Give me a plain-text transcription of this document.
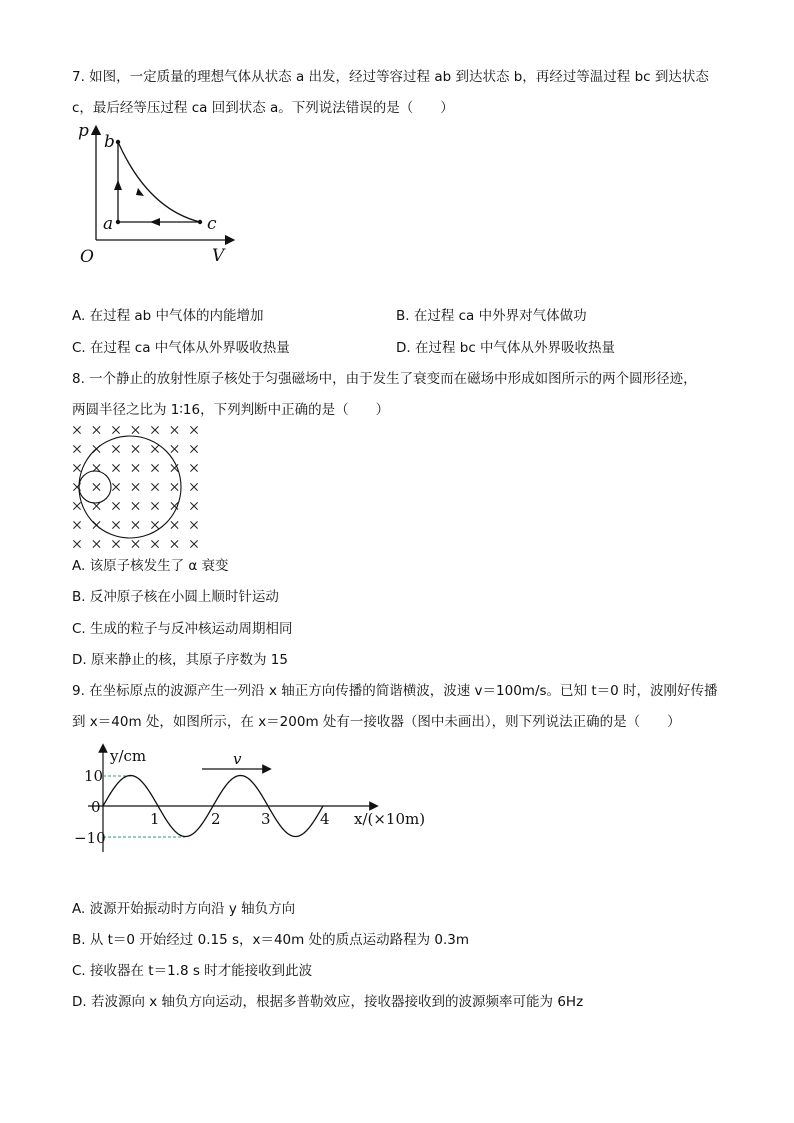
7. 如图，一定质量的理想气体从状态 a 出发，经过等容过程 ab 到达状态 b，再经过等温过程 bc 到达状态
c，最后经等压过程 ca 回到状态 a。下列说法错误的是（　　）
p
V
O
b
a	c
A. 在过程 ab 中气体的内能增加	B. 在过程 ca 中外界对气体做功
C. 在过程 ca 中气体从外界吸收热量	D. 在过程 bc 中气体从外界吸收热量
8. 一个静止的放射性原子核处于匀强磁场中，由于发生了衰变而在磁场中形成如图所示的两个圆形径迹，
两圆半径之比为 1∶16，下列判断中正确的是（　　）
A. 该原子核发生了 α 衰变
B. 反冲原子核在小圆上顺时针运动
C. 生成的粒子与反冲核运动周期相同
D. 原来静止的核，其原子序数为 15
9. 在坐标原点的波源产生一列沿 x 轴正方向传播的简谐横波，波速 v＝100m/s。已知 t＝0 时，波刚好传播
到 x＝40m 处，如图所示，在 x＝200m 处有一接收器（图中未画出），则下列说法正确的是（　　）
v
y/cm
x/(×10m)
10
0
−10
1	2	3	4
A. 波源开始振动时方向沿 y 轴负方向
B. 从 t＝0 开始经过 0.15 s，x＝40m 处的质点运动路程为 0.3m
C. 接收器在 t＝1.8 s 时才能接收到此波
D. 若波源向 x 轴负方向运动，根据多普勒效应，接收器接收到的波源频率可能为 6Hz
